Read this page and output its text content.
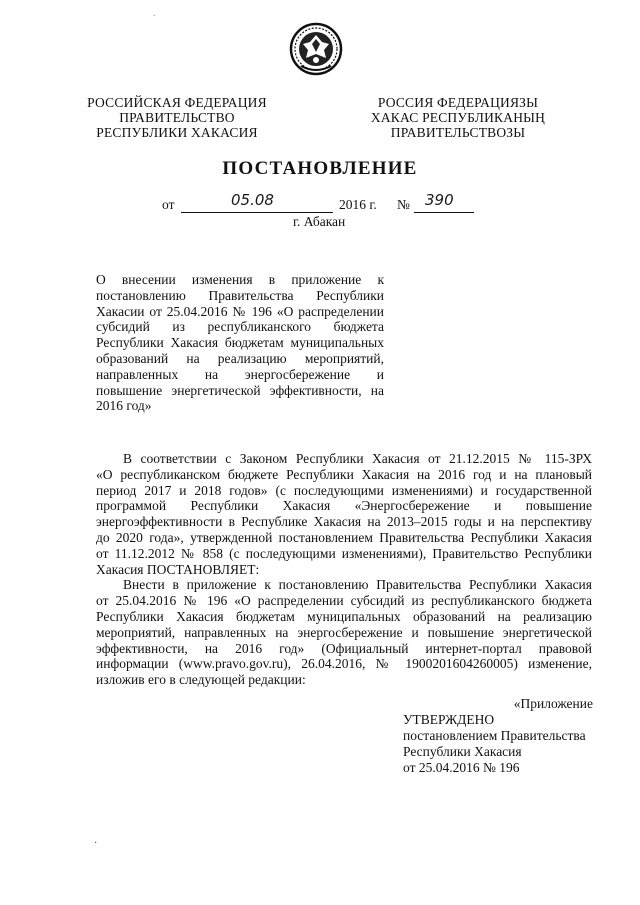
·
РОССИЙСКАЯ ФЕДЕРАЦИЯ
ПРАВИТЕЛЬСТВО
РЕСПУБЛИКИ ХАКАСИЯ
РОССИЯ ФЕДЕРАЦИЯЗЫ
ХАКАС РЕСПУБЛИКАНЫҢ
ПРАВИТЕЛЬСТВОЗЫ
ПОСТАНОВЛЕНИЕ
от	05.08	2016 г. № 390
г. Абакан
О внесении изменения в приложение к
постановлению Правительства Республики
Хакасии от 25.04.2016 № 196 «О распределении
субсидий из республиканского бюджета
Республики Хакасия бюджетам муниципальных
образований на реализацию мероприятий,
направленных на энергосбережение и
повышение энергетической эффективности, на
2016 год»
В соответствии с Законом Республики Хакасия от 21.12.2015 № 115-ЗРХ
«О республиканском бюджете Республики Хакасия на 2016 год и на плановый
период 2017 и 2018 годов» (с последующими изменениями) и государственной
программой Республики Хакасия «Энергосбережение и повышение
энергоэффективности в Республике Хакасия на 2013–2015 годы и на перспективу
до 2020 года», утвержденной постановлением Правительства Республики Хакасия
от 11.12.2012 № 858 (с последующими изменениями), Правительство Республики
Хакасия ПОСТАНОВЛЯЕТ:
Внести в приложение к постановлению Правительства Республики Хакасия
от 25.04.2016 № 196 «О распределении субсидий из республиканского бюджета
Республики Хакасия бюджетам муниципальных образований на реализацию
мероприятий, направленных на энергосбережение и повышение энергетической
эффективности, на 2016 год» (Официальный интернет-портал правовой
информации (www.pravo.gov.ru), 26.04.2016, № 1900201604260005) изменение,
изложив его в следующей редакции:
«Приложение
УТВЕРЖДЕНО
постановлением Правительства
Республики Хакасия
от 25.04.2016 № 196
·
